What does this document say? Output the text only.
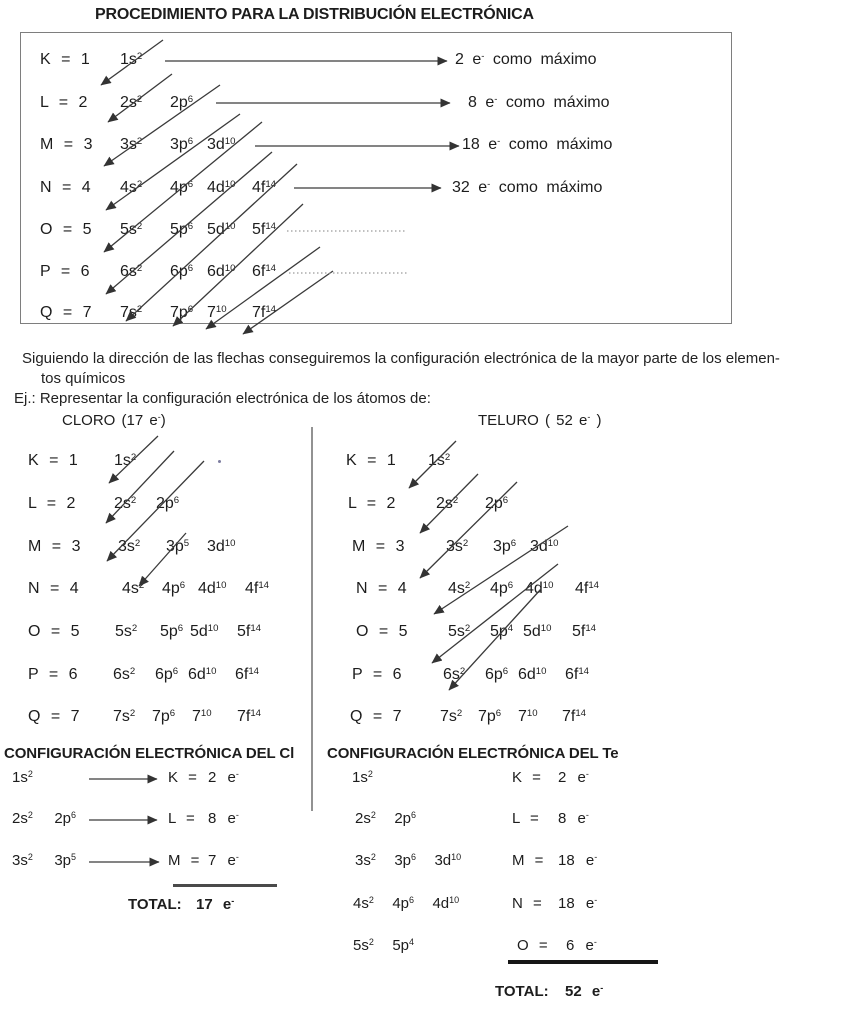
PROCEDIMIENTO PARA LA DISTRIBUCIÓN ELECTRÓNICA
K = 1 $1s^2$	2 e- como máximo
L = 2 $2s^2$ $2p^6$	8 e- como máximo
M = 3 $3s^2$ $3p^6$ $3d^{10}$	18 e- como máximo
N = 4 $4s^2$ $4p^6$ $4d^{10}$ $4f^{14}$	32 e- como máximo
O = 5 $5s^2$ $5p^6$ $5d^{10}$ $5f^{14}$
P = 6 $6s^2$ $6p^6$ $6d^{10}$ $6f^{14}$
Q = 7 $7s^2$ $7p^6$ $7^{10}$ $7f^{14}$
Siguiendo la dirección de las flechas conseguiremos la configuración electrónica de la mayor parte de los elemen-
tos químicos
Ej.: Representar la configuración electrónica de los átomos de:
CLORO (17 e-)	TELURO ( 52 e- )
K = 1 $1s^2$
L = 2 $2s^2$ $2p^6$
M = 3 $3s^2$ $3p^5$ $3d^{10}$
N = 4	$4s^2$ $4p^6$ $4d^{10}$ $4f^{14}$
O = 5 $5s^2$ $5p^6$ $5d^{10}$ $5f^{14}$
P = 6 $6s^2$ $6p^6$ $6d^{10}$ $6f^{14}$
Q = 7 $7s^2$ $7p^6$ $7^{10}$ $7f^{14}$
K = 1 $1s^2$
L = 2	$2s^2$ $2p^6$
M = 3	$3s^2$ $3p^6$ $3d^{10}$
N = 4	$4s^2$ $4p^6$ $4d^{10}$ $4f^{14}$
O = 5	$5s^2$ $5p^4$ $5d^{10}$ $5f^{14}$
P = 6	$6s^2$ $6p^6$ $6d^{10}$ $6f^{14}$
Q = 7 $7s^2$ $7p^6$ $7^{10}$ $7f^{14}$
CONFIGURACIÓN ELECTRÓNICA DEL Cl
$1s^2$	K = 2 e-
$2s^2$ $2p^6$	L = 8 e-
$3s^2$ $3p^5$	M = 7 e-
TOTAL: 17 e-
CONFIGURACIÓN ELECTRÓNICA DEL Te
$1s^2$	K = 2 e-
$2s^2$ $2p^6$	L = 8 e-
$3s^2$ $3p^6$ $3d^{10}$	M = 18 e-
$4s^2$ $4p^6$ $4d^{10}$	N = 18 e-
$5s^2$ $5p^4$	O = 6 e-
TOTAL: 52 e-
